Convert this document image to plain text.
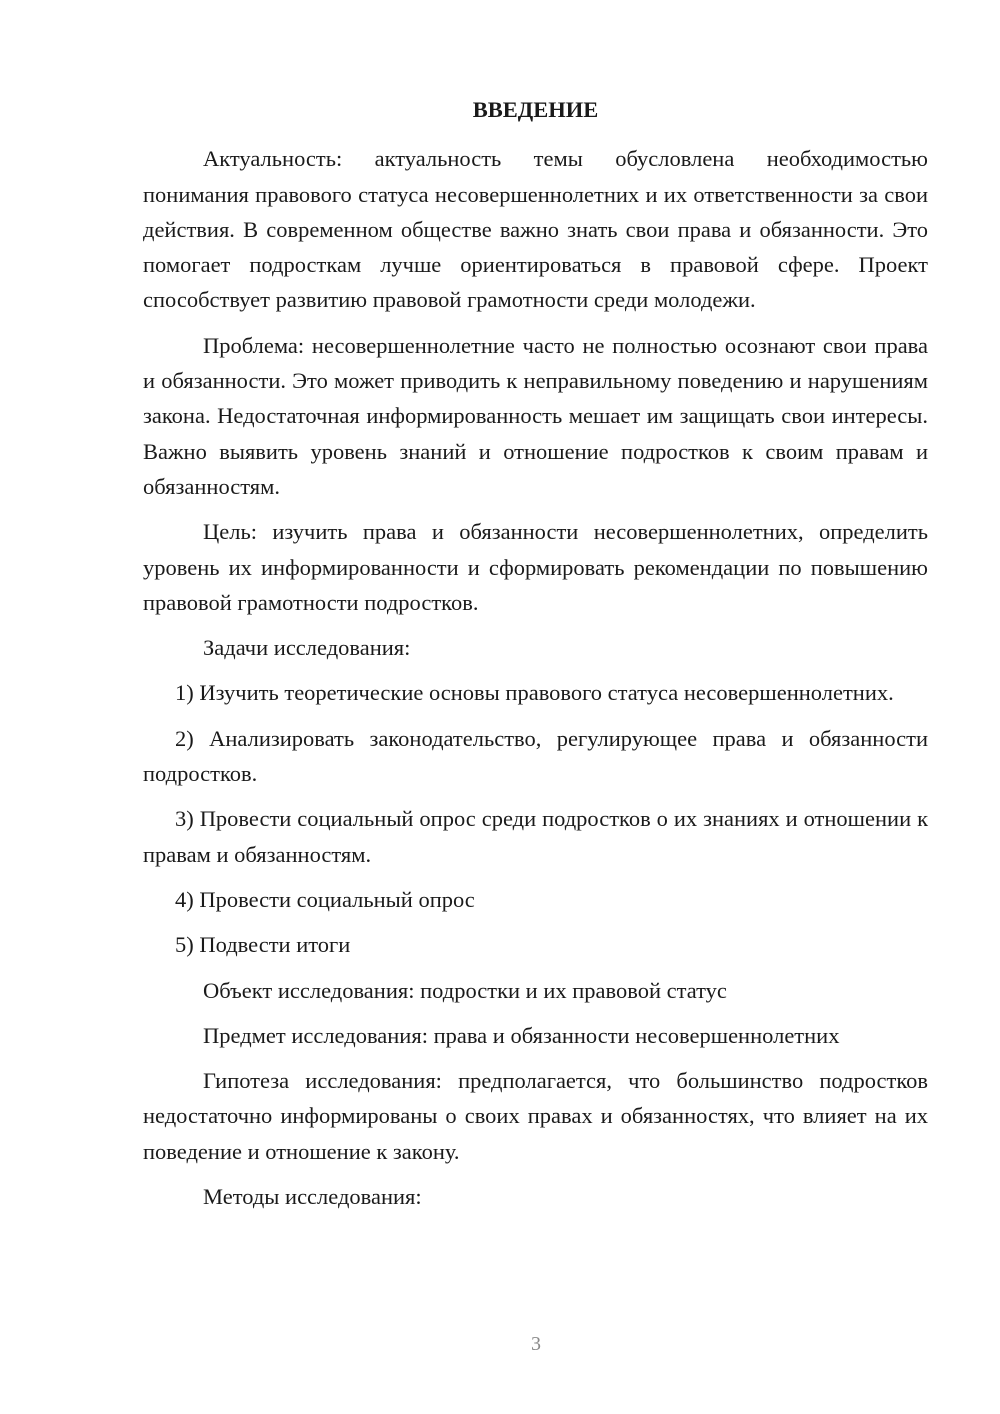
ВВЕДЕНИЕ

Актуальность: актуальность темы обусловлена необходимостью понимания правового статуса несовершеннолетних и их ответственности за свои действия. В современном обществе важно знать свои права и обязанности. Это помогает подросткам лучше ориентироваться в правовой сфере. Проект способствует развитию правовой грамотности среди молодежи.

Проблема: несовершеннолетние часто не полностью осознают свои права и обязанности. Это может приводить к неправильному поведению и нарушениям закона. Недостаточная информированность мешает им защищать свои интересы. Важно выявить уровень знаний и отношение подростков к своим правам и обязанностям.

Цель: изучить права и обязанности несовершеннолетних, определить уровень их информированности и сформировать рекомендации по повышению правовой грамотности подростков.

Задачи исследования:

1) Изучить теоретические основы правового статуса несовершеннолетних.

2) Анализировать законодательство, регулирующее права и обязанности подростков.

3) Провести социальный опрос среди подростков о их знаниях и отношении к правам и обязанностям.

4) Провести социальный опрос

5) Подвести итоги

Объект исследования: подростки и их правовой статус

Предмет исследования: права и обязанности несовершеннолетних

Гипотеза исследования: предполагается, что большинство подростков недостаточно информированы о своих правах и обязанностях, что влияет на их поведение и отношение к закону.

Методы исследования:

3
